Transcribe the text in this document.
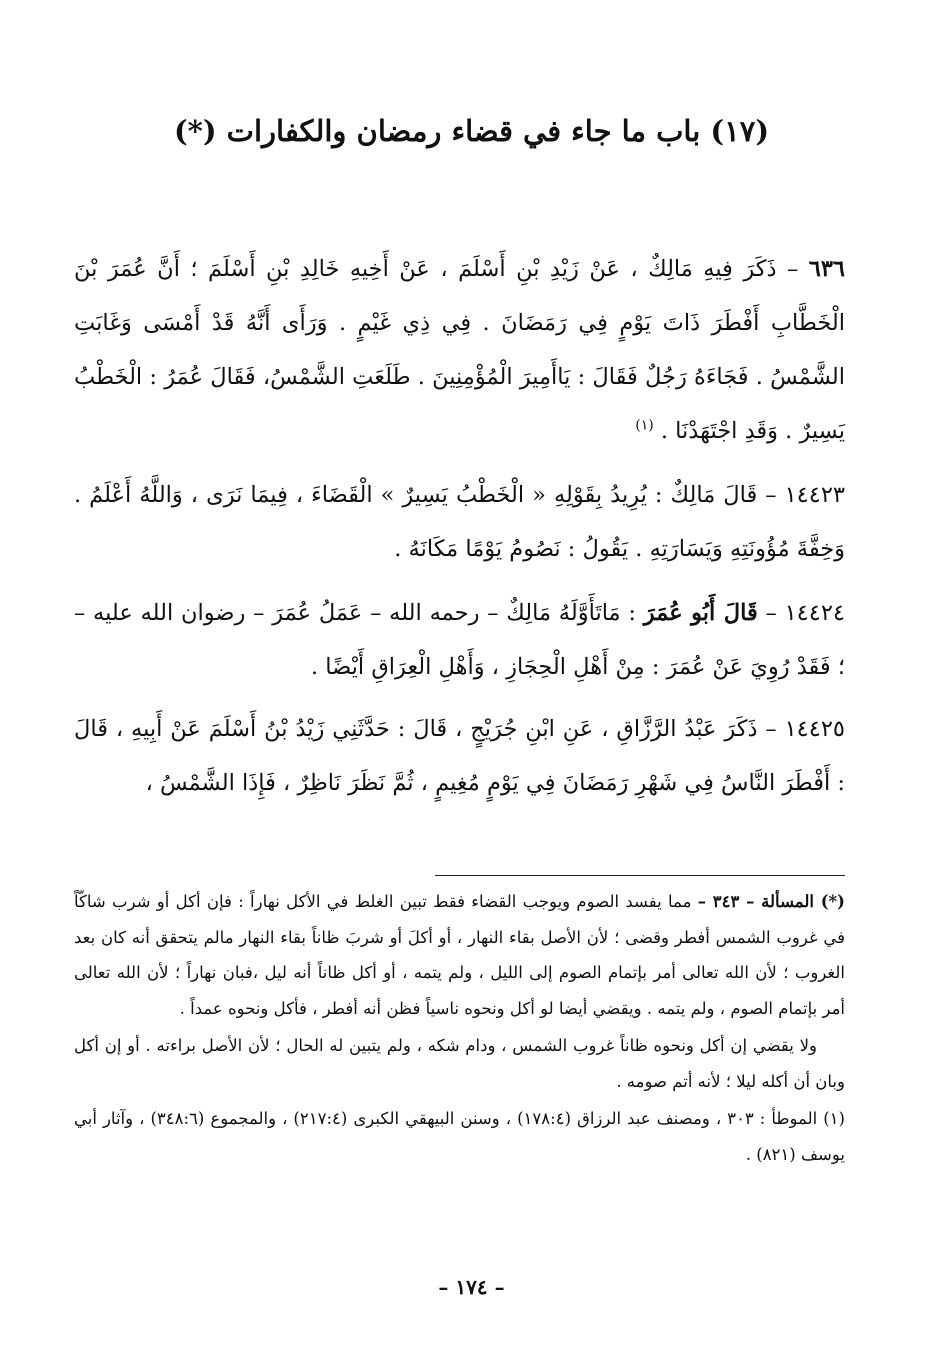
(١٧) باب ما جاء في قضاء رمضان والكفارات (*)

٦٣٦ – ذَكَرَ فِيهِ مَالِكٌ ، عَنْ زَيْدِ بْنِ أَسْلَمَ ، عَنْ أَخِيهِ خَالِدِ بْنِ أَسْلَمَ ؛ أَنَّ عُمَرَ بْنَ الْخَطَّابِ أَفْطَرَ ذَاتَ يَوْمٍ فِي رَمَضَانَ . فِي ذِي غَيْمٍ . وَرَأَى أَنَّهُ قَدْ أَمْسَى وَغَابَتِ الشَّمْسُ . فَجَاءَهُ رَجُلٌ فَقَالَ : يَاأَمِيرَ الْمُؤْمِنِينَ . طَلَعَتِ الشَّمْسُ، فَقَالَ عُمَرُ : الْخَطْبُ يَسِيرٌ . وَقَدِ اجْتَهَدْنَا . $^{(١)}$

١٤٤٢٣ – قَالَ مَالِكٌ : يُرِيدُ بِقَوْلِهِ « الْخَطْبُ يَسِيرٌ » الْقَضَاءَ ، فِيمَا نَرَى ، وَاللَّهُ أَعْلَمُ . وَخِفَّةَ مُؤُونَتِهِ وَيَسَارَتِهِ . يَقُولُ : نَصُومُ يَوْمًا مَكَانَهُ .

١٤٤٢٤ – قَالَ أَبُو عُمَرَ : مَاتَأَوَّلَهُ مَالِكٌ – رحمه الله – عَمَلُ عُمَرَ – رضوان الله عليه – ؛ فَقَدْ رُوِيَ عَنْ عُمَرَ : مِنْ أَهْلِ الْحِجَازِ ، وَأَهْلِ الْعِرَاقِ أَيْضًا .

١٤٤٢٥ – ذَكَرَ عَبْدُ الرَّزَّاقِ ، عَنِ ابْنِ جُرَيْجٍ ، قَالَ : حَدَّثَنِي زَيْدُ بْنُ أَسْلَمَ عَنْ أَبِيهِ ، قَالَ : أَفْطَرَ النَّاسُ فِي شَهْرِ رَمَضَانَ فِي يَوْمٍ مُغِيمٍ ، ثُمَّ نَظَرَ نَاظِرٌ ، فَإِذَا الشَّمْسُ ،

(*) المسألة – ٣٤٣ – مما يفسد الصوم ويوجب القضاء فقط تبين الغلط في الأكل نهاراً : فإن أكل أو شرب شاكّاً في غروب الشمس أفطر وقضى ؛ لأن الأصل بقاء النهار ، أو أكلَ أو شربَ ظاناً بقاء النهار مالم يتحقق أنه كان بعد الغروب ؛ لأن الله تعالى أمر بإتمام الصوم إلى الليل ، ولم يتمه ، أو أكل ظاناً أنه ليل ،فبان نهاراً ؛ لأن الله تعالى أمر بإتمام الصوم ، ولم يتمه . ويقضي أيضا لو أكل ونحوه ناسياً فظن أنه أفطر ، فأكل ونحوه عمداً .

ولا يقضي إن أكل ونحوه ظاناً غروب الشمس ، ودام شكه ، ولم يتبين له الحال ؛ لأن الأصل براءته . أو إن أكل وبان أن أكله ليلا ؛ لأنه أتم صومه .

(١) الموطأ : ٣٠٣ ، ومصنف عبد الرزاق (١٧٨:٤) ، وسنن البيهقي الكبرى (٢١٧:٤) ، والمجموع (٣٤٨:٦) ، وآثار أبي يوسف (٨٢١) .

– ١٧٤ –
